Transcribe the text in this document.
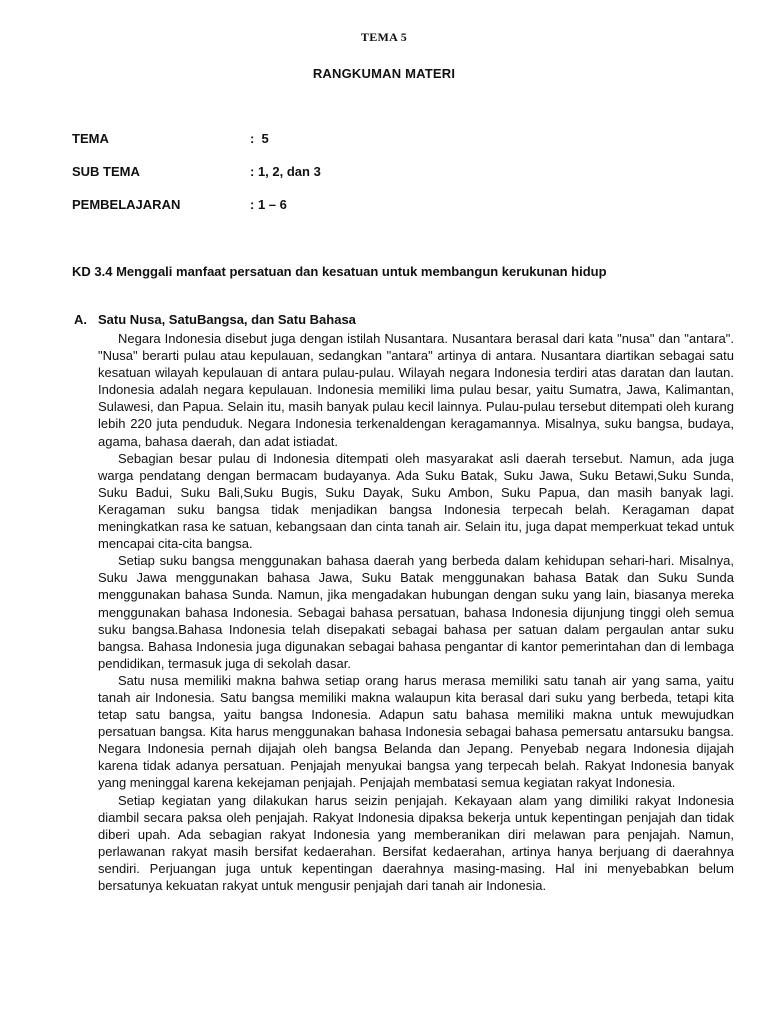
TEMA 5
RANGKUMAN MATERI
TEMA	:  5
SUB TEMA	: 1, 2, dan 3
PEMBELAJARAN	: 1 – 6
KD 3.4 Menggali manfaat persatuan dan kesatuan untuk membangun kerukunan hidup
A. Satu Nusa, SatuBangsa, dan Satu Bahasa

Negara Indonesia disebut juga dengan istilah Nusantara. Nusantara berasal dari kata "nusa" dan "antara". "Nusa" berarti pulau atau kepulauan, sedangkan "antara" artinya di antara. Nusantara diartikan sebagai satu kesatuan wilayah kepulauan di antara pulau-pulau. Wilayah negara Indonesia terdiri atas daratan dan lautan. Indonesia adalah negara kepulauan. Indonesia memiliki lima pulau besar, yaitu Sumatra, Jawa, Kalimantan, Sulawesi, dan Papua. Selain itu, masih banyak pulau kecil lainnya. Pulau-pulau tersebut ditempati oleh kurang lebih 220 juta penduduk. Negara Indonesia terkenaldengan keragamannya. Misalnya, suku bangsa, budaya, agama, bahasa daerah, dan adat istiadat.

Sebagian besar pulau di Indonesia ditempati oleh masyarakat asli daerah tersebut. Namun, ada juga warga pendatang dengan bermacam budayanya. Ada Suku Batak, Suku Jawa, Suku Betawi,Suku Sunda, Suku Badui, Suku Bali,Suku Bugis, Suku Dayak, Suku Ambon, Suku Papua, dan masih banyak lagi. Keragaman suku bangsa tidak menjadikan bangsa Indonesia terpecah belah. Keragaman dapat meningkatkan rasa ke satuan, kebangsaan dan cinta tanah air. Selain itu, juga dapat memperkuat tekad untuk mencapai cita-cita bangsa.

Setiap suku bangsa menggunakan bahasa daerah yang berbeda dalam kehidupan sehari-hari. Misalnya, Suku Jawa menggunakan bahasa Jawa, Suku Batak menggunakan bahasa Batak dan Suku Sunda menggunakan bahasa Sunda. Namun, jika mengadakan hubungan dengan suku yang lain, biasanya mereka menggunakan bahasa Indonesia. Sebagai bahasa persatuan, bahasa Indonesia dijunjung tinggi oleh semua suku bangsa.Bahasa Indonesia telah disepakati sebagai bahasa per satuan dalam pergaulan antar suku bangsa. Bahasa Indonesia juga digunakan sebagai bahasa pengantar di kantor pemerintahan dan di lembaga pendidikan, termasuk juga di sekolah dasar.

Satu nusa memiliki makna bahwa setiap orang harus merasa memiliki satu tanah air yang sama, yaitu tanah air Indonesia. Satu bangsa memiliki makna walaupun kita berasal dari suku yang berbeda, tetapi kita tetap satu bangsa, yaitu bangsa Indonesia. Adapun satu bahasa memiliki makna untuk mewujudkan persatuan bangsa. Kita harus menggunakan bahasa Indonesia sebagai bahasa pemersatu antarsuku bangsa. Negara Indonesia pernah dijajah oleh bangsa Belanda dan Jepang. Penyebab negara Indonesia dijajah karena tidak adanya persatuan. Penjajah menyukai bangsa yang terpecah belah. Rakyat Indonesia banyak yang meninggal karena kekejaman penjajah. Penjajah membatasi semua kegiatan rakyat Indonesia.

Setiap kegiatan yang dilakukan harus seizin penjajah. Kekayaan alam yang dimiliki rakyat Indonesia diambil secara paksa oleh penjajah. Rakyat Indonesia dipaksa bekerja untuk kepentingan penjajah dan tidak diberi upah. Ada sebagian rakyat Indonesia yang memberanikan diri melawan para penjajah. Namun, perlawanan rakyat masih bersifat kedaerahan. Bersifat kedaerahan, artinya hanya berjuang di daerahnya sendiri. Perjuangan juga untuk kepentingan daerahnya masing-masing. Hal ini menyebabkan belum bersatunya kekuatan rakyat untuk mengusir penjajah dari tanah air Indonesia.
